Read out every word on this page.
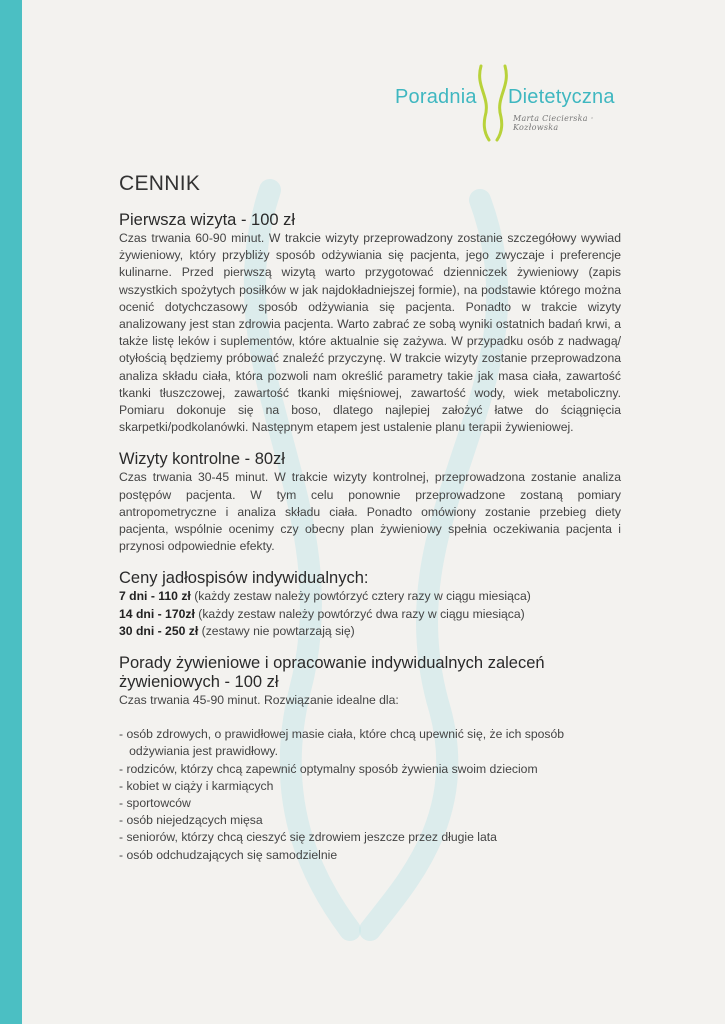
Poradnia Dietetyczna
Marta Ciecierska · Kozłowska
CENNIK
Pierwsza wizyta - 100 zł

Czas trwania 60-90 minut. W trakcie wizyty przeprowadzony zostanie szczegółowy wywiad żywieniowy, który przybliży sposób odżywiania się pacjenta, jego zwyczaje i preferencje kulinarne. Przed pierwszą wizytą warto przygotować dzienniczek żywieniowy (zapis wszystkich spożytych posiłków w jak najdokładniejszej formie), na podstawie którego można ocenić dotychczasowy sposób odżywiania się pacjenta. Ponadto w trakcie wizyty analizowany jest stan zdrowia pacjenta. Warto zabrać ze sobą wyniki ostatnich badań krwi, a także listę leków i suplementów, które aktualnie się zażywa. W przypadku osób z nadwagą/ otyłością będziemy próbować znaleźć przyczynę. W trakcie wizyty zostanie przeprowadzona analiza składu ciała, która pozwoli nam określić parametry takie jak masa ciała, zawartość tkanki tłuszczowej, zawartość tkanki mięśniowej, zawartość wody, wiek metaboliczny. Pomiaru dokonuje się na boso, dlatego najlepiej założyć łatwe do ściągnięcia skarpetki/podkolanówki. Następnym etapem jest ustalenie planu terapii żywieniowej.

Wizyty kontrolne - 80zł

Czas trwania 30-45 minut. W trakcie wizyty kontrolnej, przeprowadzona zostanie analiza postępów pacjenta. W tym celu ponownie przeprowadzone zostaną pomiary antropometryczne i analiza składu ciała. Ponadto omówiony zostanie przebieg diety pacjenta, wspólnie ocenimy czy obecny plan żywieniowy spełnia oczekiwania pacjenta i przynosi odpowiednie efekty.

Ceny jadłospisów indywidualnych:
7 dni - 110 zł (każdy zestaw należy powtórzyć cztery razy w ciągu miesiąca)
14 dni - 170zł (każdy zestaw należy powtórzyć dwa razy w ciągu miesiąca)
30 dni - 250 zł (zestawy nie powtarzają się)
Porady żywieniowe i opracowanie indywidualnych zaleceń żywieniowych - 100 zł

Czas trwania 45-90 minut. Rozwiązanie idealne dla:

- osób zdrowych, o prawidłowej masie ciała, które chcą upewnić się, że ich sposób
odżywiania jest prawidłowy.
- rodziców, którzy chcą zapewnić optymalny sposób żywienia swoim dzieciom
- kobiet w ciąży i karmiących
- sportowców
- osób niejedzących mięsa
- seniorów, którzy chcą cieszyć się zdrowiem jeszcze przez długie lata
- osób odchudzających się samodzielnie
